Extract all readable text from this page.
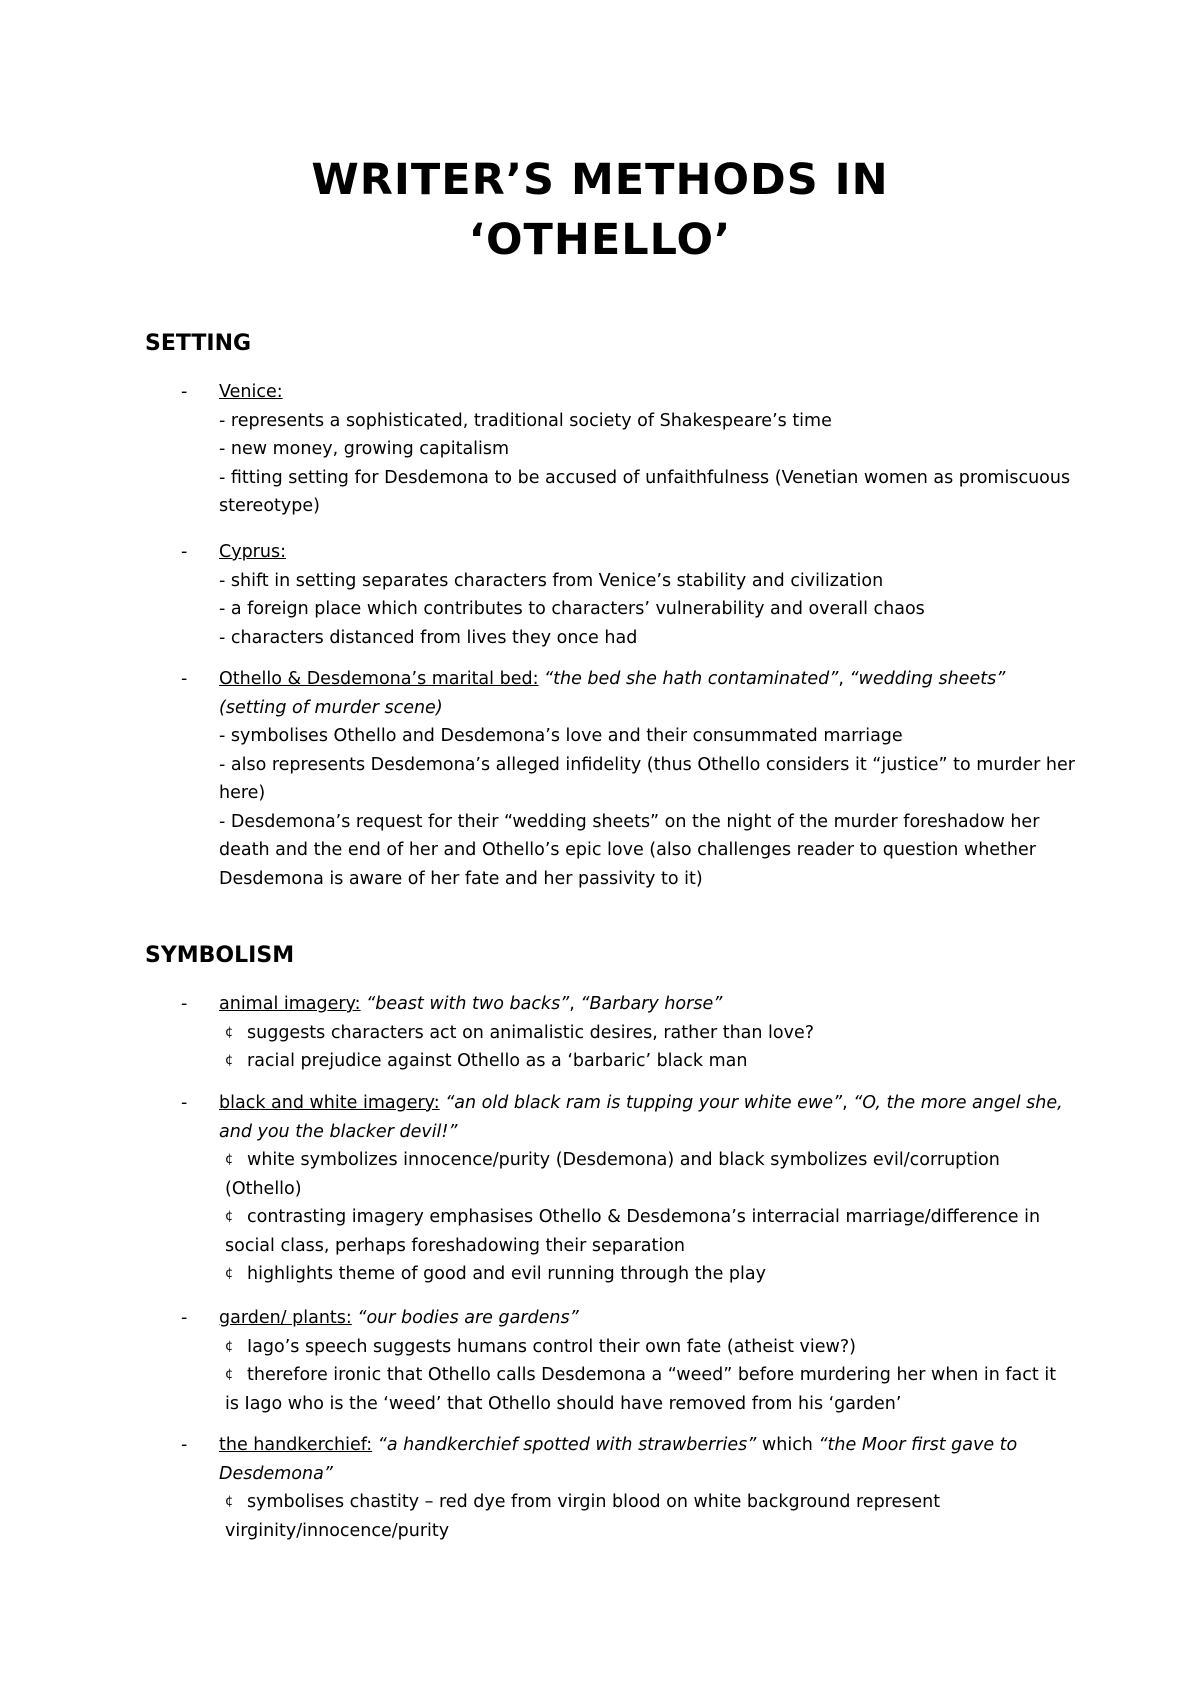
WRITER’S METHODS IN
‘OTHELLO’
SETTING
- Venice:
- represents a sophisticated, traditional society of Shakespeare’s time
- new money, growing capitalism
- fitting setting for Desdemona to be accused of unfaithfulness (Venetian women as promiscuous stereotype)
- Cyprus:
- shift in setting separates characters from Venice’s stability and civilization
- a foreign place which contributes to characters’ vulnerability and overall chaos
- characters distanced from lives they once had
- Othello & Desdemona’s marital bed: “the bed she hath contaminated”, “wedding sheets”
(setting of murder scene)
- symbolises Othello and Desdemona’s love and their consummated marriage
- also represents Desdemona’s alleged infidelity (thus Othello considers it “justice” to murder her here)
- Desdemona’s request for their “wedding sheets” on the night of the murder foreshadow her death and the end of her and Othello’s epic love (also challenges reader to question whether Desdemona is aware of her fate and her passivity to it)
SYMBOLISM
- animal imagery: “beast with two backs”, “Barbary horse”
¢ suggests characters act on animalistic desires, rather than love?
¢ racial prejudice against Othello as a ‘barbaric’ black man
- black and white imagery: “an old black ram is tupping your white ewe”, “O, the more angel she, and you the blacker devil!”
¢ white symbolizes innocence/purity (Desdemona) and black symbolizes evil/corruption (Othello)
¢ contrasting imagery emphasises Othello & Desdemona’s interracial marriage/difference in social class, perhaps foreshadowing their separation
¢ highlights theme of good and evil running through the play
- garden/ plants: “our bodies are gardens”
¢ Iago’s speech suggests humans control their own fate (atheist view?)
¢ therefore ironic that Othello calls Desdemona a “weed” before murdering her when in fact it is Iago who is the ‘weed’ that Othello should have removed from his ‘garden’
- the handkerchief: “a handkerchief spotted with strawberries” which “the Moor first gave to Desdemona”
¢ symbolises chastity – red dye from virgin blood on white background represent virginity/innocence/purity
